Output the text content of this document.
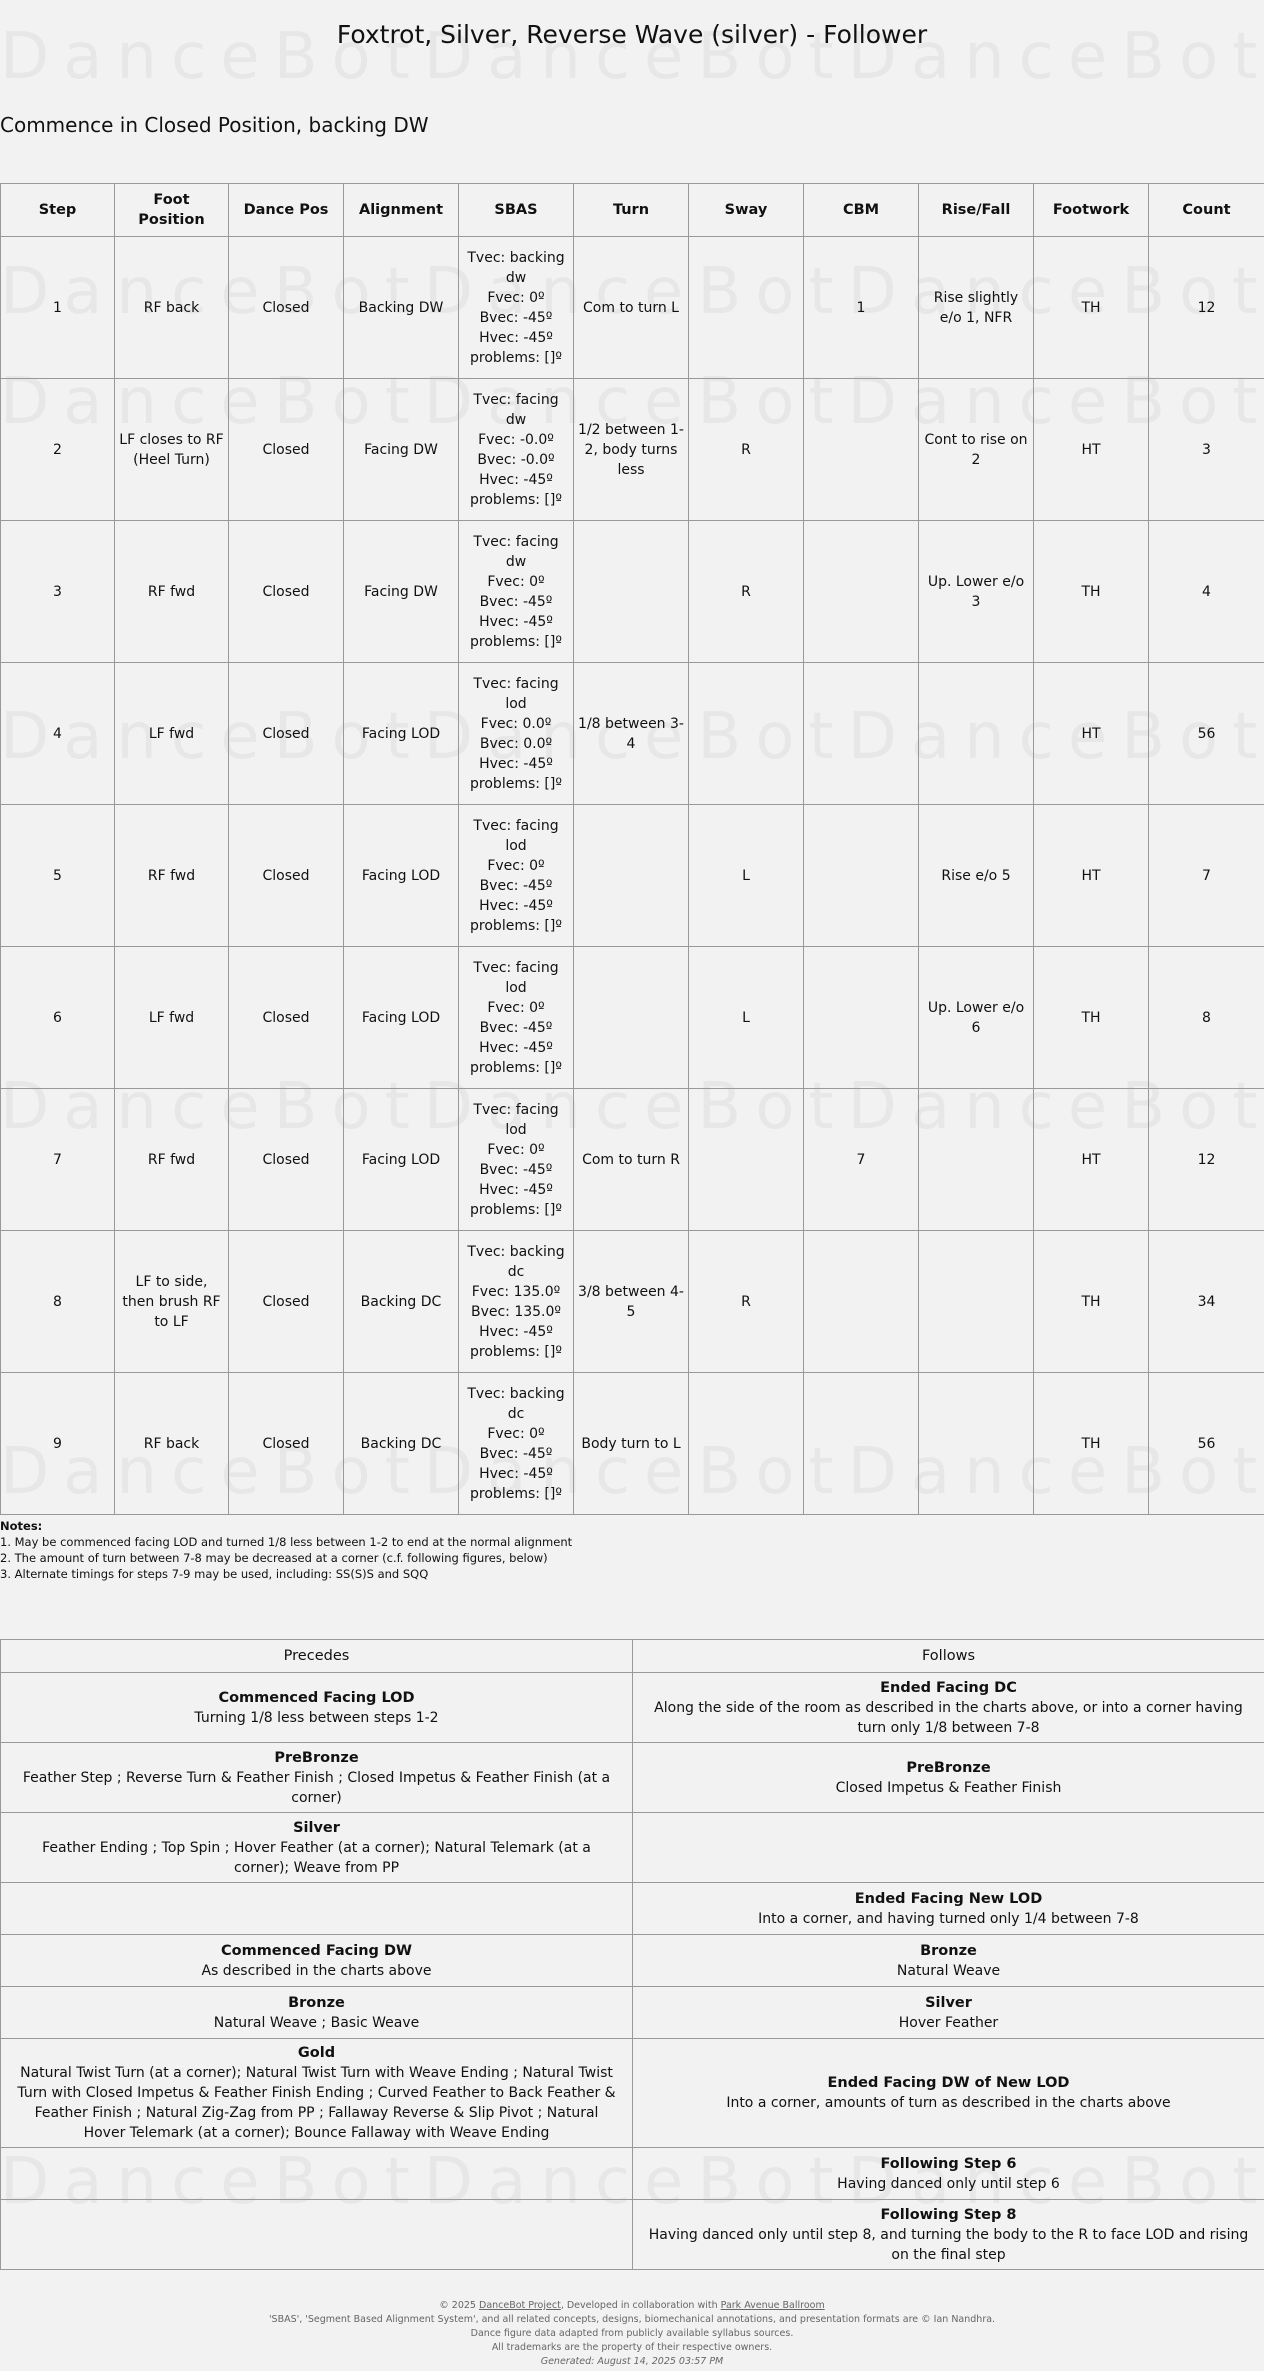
Foxtrot, Silver, Reverse Wave (silver) - Follower
Commence in Closed Position, backing DW
Step	Foot Position	Dance Pos	Alignment	SBAS	Turn	Sway	CBM	Rise/Fall	Footwork	Count
1	RF back	Closed	Backing DW	Tvec: backing dw
Fvec: 0º
Bvec: -45º
Hvec: -45º
problems: []º	Com to turn L		1	Rise slightly e/o 1, NFR	TH	12
2	LF closes to RF (Heel Turn)	Closed	Facing DW	Tvec: facing dw
Fvec: -0.0º
Bvec: -0.0º
Hvec: -45º
problems: []º	1/2 between 1-2, body turns less	R		Cont to rise on 2	HT	3
3	RF fwd	Closed	Facing DW	Tvec: facing dw
Fvec: 0º
Bvec: -45º
Hvec: -45º
problems: []º		R		Up. Lower e/o 3	TH	4
4	LF fwd	Closed	Facing LOD	Tvec: facing lod
Fvec: 0.0º
Bvec: 0.0º
Hvec: -45º
problems: []º	1/8 between 3-4				HT	56
5	RF fwd	Closed	Facing LOD	Tvec: facing lod
Fvec: 0º
Bvec: -45º
Hvec: -45º
problems: []º		L		Rise e/o 5	HT	7
6	LF fwd	Closed	Facing LOD	Tvec: facing lod
Fvec: 0º
Bvec: -45º
Hvec: -45º
problems: []º		L		Up. Lower e/o 6	TH	8
7	RF fwd	Closed	Facing LOD	Tvec: facing lod
Fvec: 0º
Bvec: -45º
Hvec: -45º
problems: []º	Com to turn R		7		HT	12
8	LF to side, then brush RF to LF	Closed	Backing DC	Tvec: backing dc
Fvec: 135.0º
Bvec: 135.0º
Hvec: -45º
problems: []º	3/8 between 4-5	R			TH	34
9	RF back	Closed	Backing DC	Tvec: backing dc
Fvec: 0º
Bvec: -45º
Hvec: -45º
problems: []º	Body turn to L				TH	56
Notes:
1. May be commenced facing LOD and turned 1/8 less between 1-2 to end at the normal alignment
2. The amount of turn between 7-8 may be decreased at a corner (c.f. following figures, below)
3. Alternate timings for steps 7-9 may be used, including: SS(S)S and SQQ
Precedes	Follows

Commenced Facing LOD
Turning 1/8 less between steps 1-2	Ended Facing DC
Along the side of the room as described in the charts above, or into a corner having turn only 1/8 between 7-8

PreBronze
Feather Step ; Reverse Turn & Feather Finish ; Closed Impetus & Feather Finish (at a corner)	PreBronze
Closed Impetus & Feather Finish

Silver
Feather Ending ; Top Spin ; Hover Feather (at a corner); Natural Telemark (at a corner); Weave from PP	

	Ended Facing New LOD
Into a corner, and having turned only 1/4 between 7-8

Commenced Facing DW
As described in the charts above	Bronze
Natural Weave

Bronze
Natural Weave ; Basic Weave	Silver
Hover Feather

Gold
Natural Twist Turn (at a corner); Natural Twist Turn with Weave Ending ; Natural Twist Turn with Closed Impetus & Feather Finish Ending ; Curved Feather to Back Feather & Feather Finish ; Natural Zig-Zag from PP ; Fallaway Reverse & Slip Pivot ; Natural Hover Telemark (at a corner); Bounce Fallaway with Weave Ending	Ended Facing DW of New LOD
Into a corner, amounts of turn as described in the charts above

	Following Step 6
Having danced only until step 6

	Following Step 8
Having danced only until step 8, and turning the body to the R to face LOD and rising on the final step
© 2025 DanceBot Project, Developed in collaboration with Park Avenue Ballroom
'SBAS', 'Segment Based Alignment System', and all related concepts, designs, biomechanical annotations, and presentation formats are © Ian Nandhra.
Dance figure data adapted from publicly available syllabus sources.
All trademarks are the property of their respective owners.
Generated: August 14, 2025 03:57 PM
